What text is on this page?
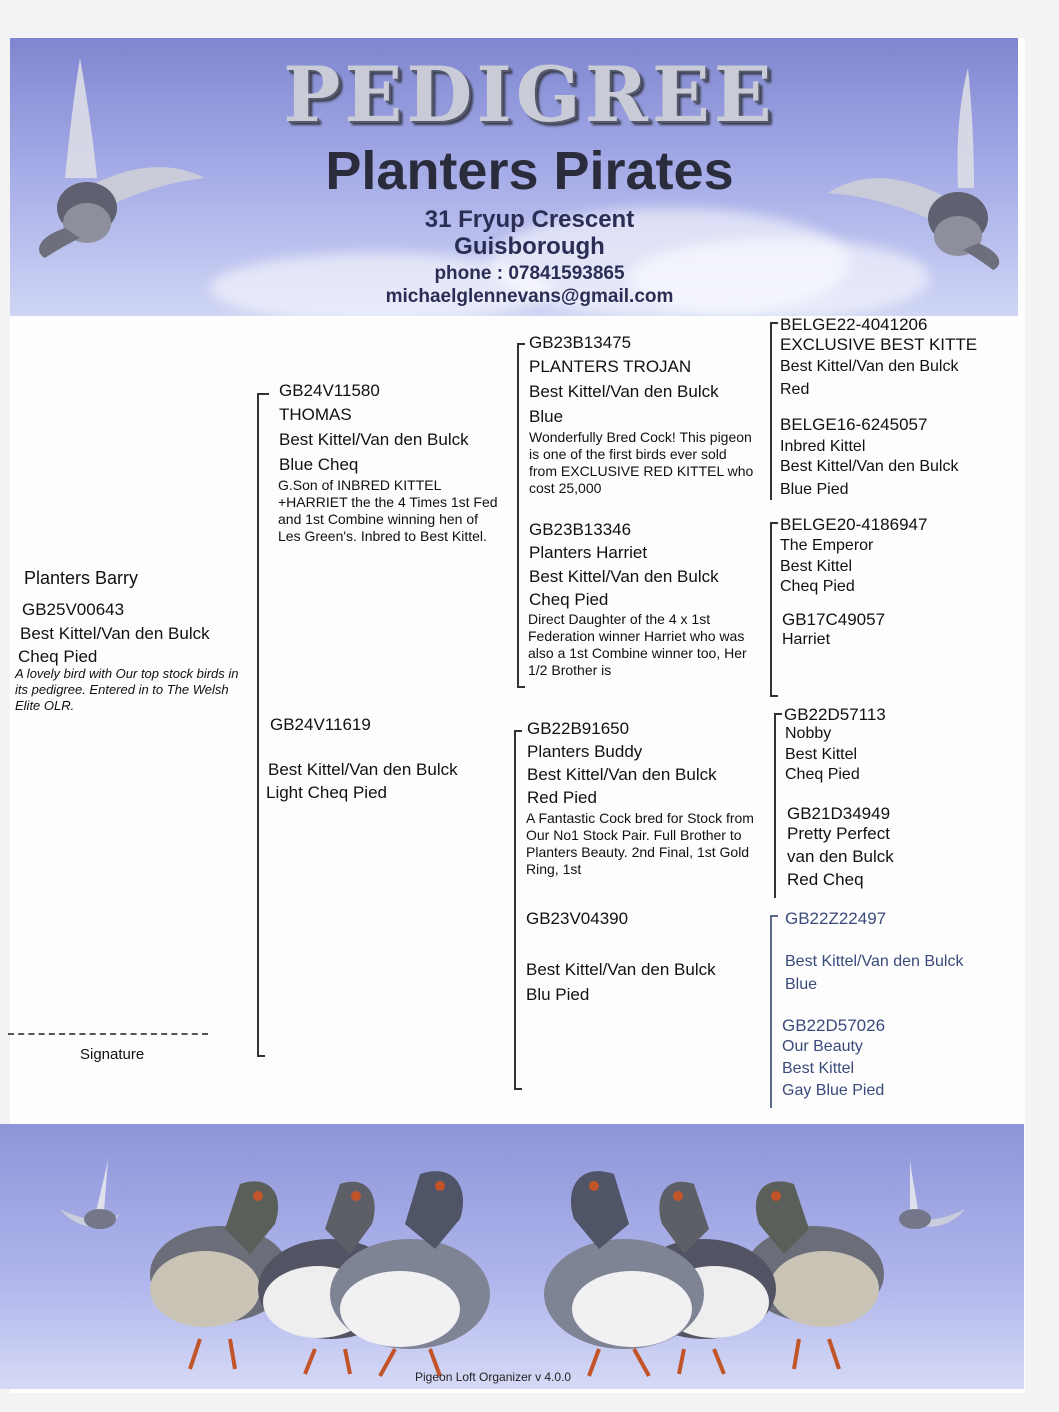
PEDIGREE
Planters Pirates
31 Fryup Crescent
Guisborough
phone : 07841593865
michaelglennevans@gmail.com
Planters Barry
GB25V00643
Best Kittel/Van den Bulck
Cheq Pied
A lovely bird with Our top stock birds in its pedigree. Entered in to The Welsh Elite OLR.
GB24V11580
THOMAS
Best Kittel/Van den Bulck
Blue Cheq
G.Son of INBRED KITTEL +HARRIET the the 4 Times 1st Fed and 1st Combine winning hen of Les Green's. Inbred to Best Kittel.
GB24V11619
Best Kittel/Van den Bulck
Light Cheq Pied
Signature
GB23B13475
PLANTERS TROJAN
Best Kittel/Van den Bulck
Blue
Wonderfully Bred Cock! This pigeon is one of the first birds ever sold from EXCLUSIVE RED KITTEL who cost 25,000
GB23B13346
Planters Harriet
Best Kittel/Van den Bulck
Cheq Pied
Direct Daughter of the 4 x 1st Federation winner Harriet who was also a 1st Combine winner too, Her 1/2 Brother is
GB22B91650
Planters Buddy
Best Kittel/Van den Bulck
Red Pied
A Fantastic Cock bred for Stock from Our No1 Stock Pair. Full Brother to Planters Beauty. 2nd Final, 1st Gold Ring, 1st
GB23V04390
Best Kittel/Van den Bulck
Blu Pied
BELGE22-4041206
EXCLUSIVE BEST KITTE
Best Kittel/Van den Bulck
Red
BELGE16-6245057
Inbred Kittel
Best Kittel/Van den Bulck
Blue Pied
BELGE20-4186947
The Emperor
Best Kittel
Cheq Pied
GB17C49057
Harriet
GB22D57113
Nobby
Best Kittel
Cheq Pied
GB21D34949
Pretty Perfect
van den Bulck
Red Cheq
GB22Z22497
Best Kittel/Van den Bulck
Blue
GB22D57026
Our Beauty
Best Kittel
Gay Blue Pied
Pigeon Loft Organizer v 4.0.0
